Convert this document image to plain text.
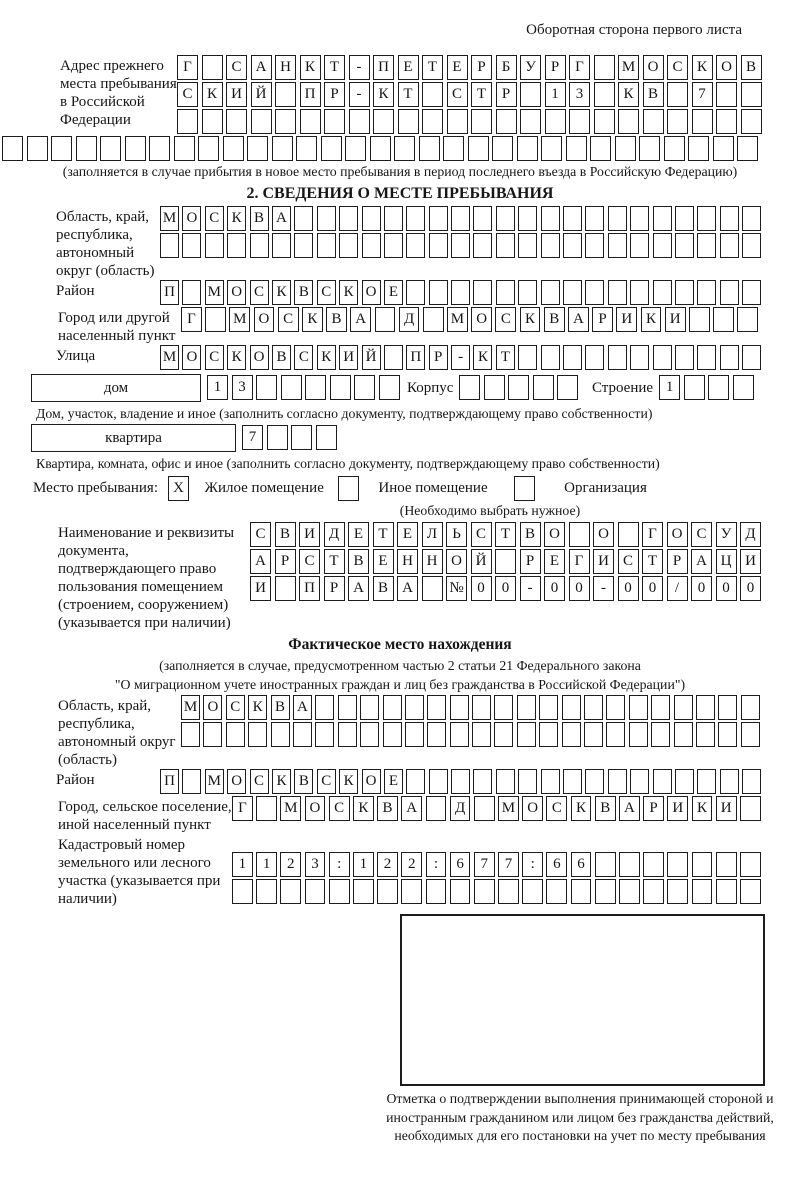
Оборотная сторона первого листа
Адрес прежнего места пребывания в Российской Федерации
Г	С А Н К Т	-	П Е	Т	Е	Р	Б У	Р	Г	М О С К О В
С К И Й	П Р	-	К Т	С Т	Р	1	3	К В	7
(заполняется в случае прибытия в новое место пребывания в период последнего въезда в Российскую Федерацию)
2. СВЕДЕНИЯ О МЕСТЕ ПРЕБЫВАНИЯ
Область, край, республика, автономный округ (область)
М О С К В А
Район	П М О С К В С К О Е
Город или другой населенный пункт
Г	М О С К В А	Д	М О С К В А Р И К И
Улица	М О С К О В С К И Й П Р	- К Т
дом	1	3	Корпус	Строение 1
Дом, участок, владение и иное (заполнить согласно документу, подтверждающему право собственности)
квартира	7
Квартира, комната, офис и иное (заполнить согласно документу, подтверждающему право собственности)
Место пребывания:	X	Жилое помещение	Иное помещение	Организация
(Необходимо выбрать нужное)
Наименование и реквизиты документа, подтверждающего право пользования помещением (строением, сооружением) (указывается при наличии)
С В И Д Е	Т	Е Л	Ь	С Т В О	О	Г О С У Д
А Р	С Т В Е Н Н О Й	Р	Е	Г И С Т	Р А Ц И
И	П Р А В А	№ 0	0	-	0	0	-	0	0	/	0	0	0
Фактическое место нахождения
(заполняется в случае, предусмотренном частью 2 статьи 21 Федерального закона
"О миграционном учете иностранных граждан и лиц без гражданства в Российской Федерации")
Область, край, республика, автономный округ (область)
М О С К В А
Район	П М О С К В С К О Е
Город, сельское поселение, иной населенный пункт
Г	М О С К В А	Д	М О С К В А Р И К И
Кадастровый номер земельного или лесного участка (указывается при наличии)
1	1	2	3	:	1	2	2	:	6	7	7	:	6	6
Отметка о подтверждении выполнения принимающей стороной и иностранным гражданином или лицом без гражданства действий, необходимых для его постановки на учет по месту пребывания
